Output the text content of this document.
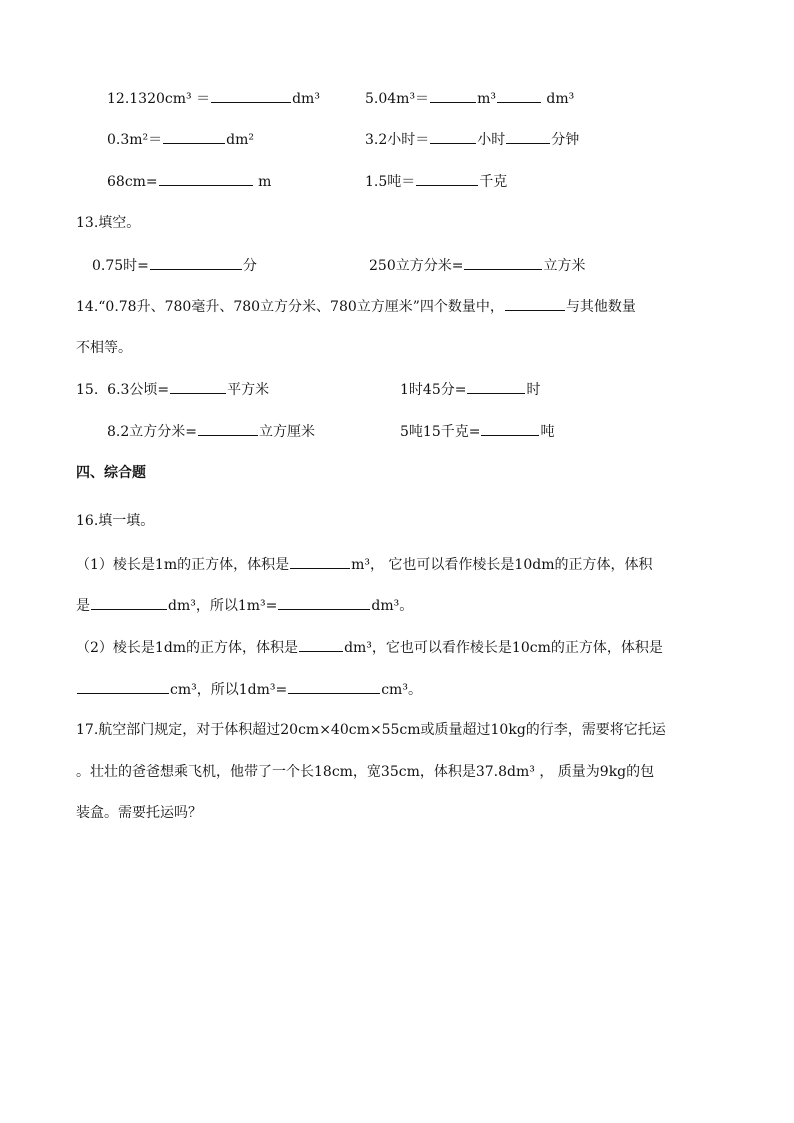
12.1320cm³ ＝	dm³	5.04m³＝	m³	dm³
0.3m²＝	dm²	3.2小时＝	小时	分钟
68cm=	m	1.5吨＝	千克
13.填空。
0.75时=	分	250立方分米=	立方米
14.“0.78升、780毫升、780立方分米、780立方厘米”四个数量中，	与其他数量
不相等。
15. 6.3公顷=	平方米	1时45分=	时
8.2立方分米=	立方厘米	5吨15千克=	吨
四、综合题
16.填一填。
（1）棱长是1m的正方体，体积是	m³， 它也可以看作棱长是10dm的正方体，体积
是	dm³，所以1m³=	dm³。
（2）棱长是1dm的正方体，体积是	dm³，它也可以看作棱长是10cm的正方体，体积是
cm³，所以1dm³=	cm³。
17.航空部门规定，对于体积超过20cm×40cm×55cm或质量超过10kg的行李，需要将它托运
。壮壮的爸爸想乘飞机，他带了一个长18cm，宽35cm，体积是37.8dm³ ， 质量为9kg的包
装盒。需要托运吗？
